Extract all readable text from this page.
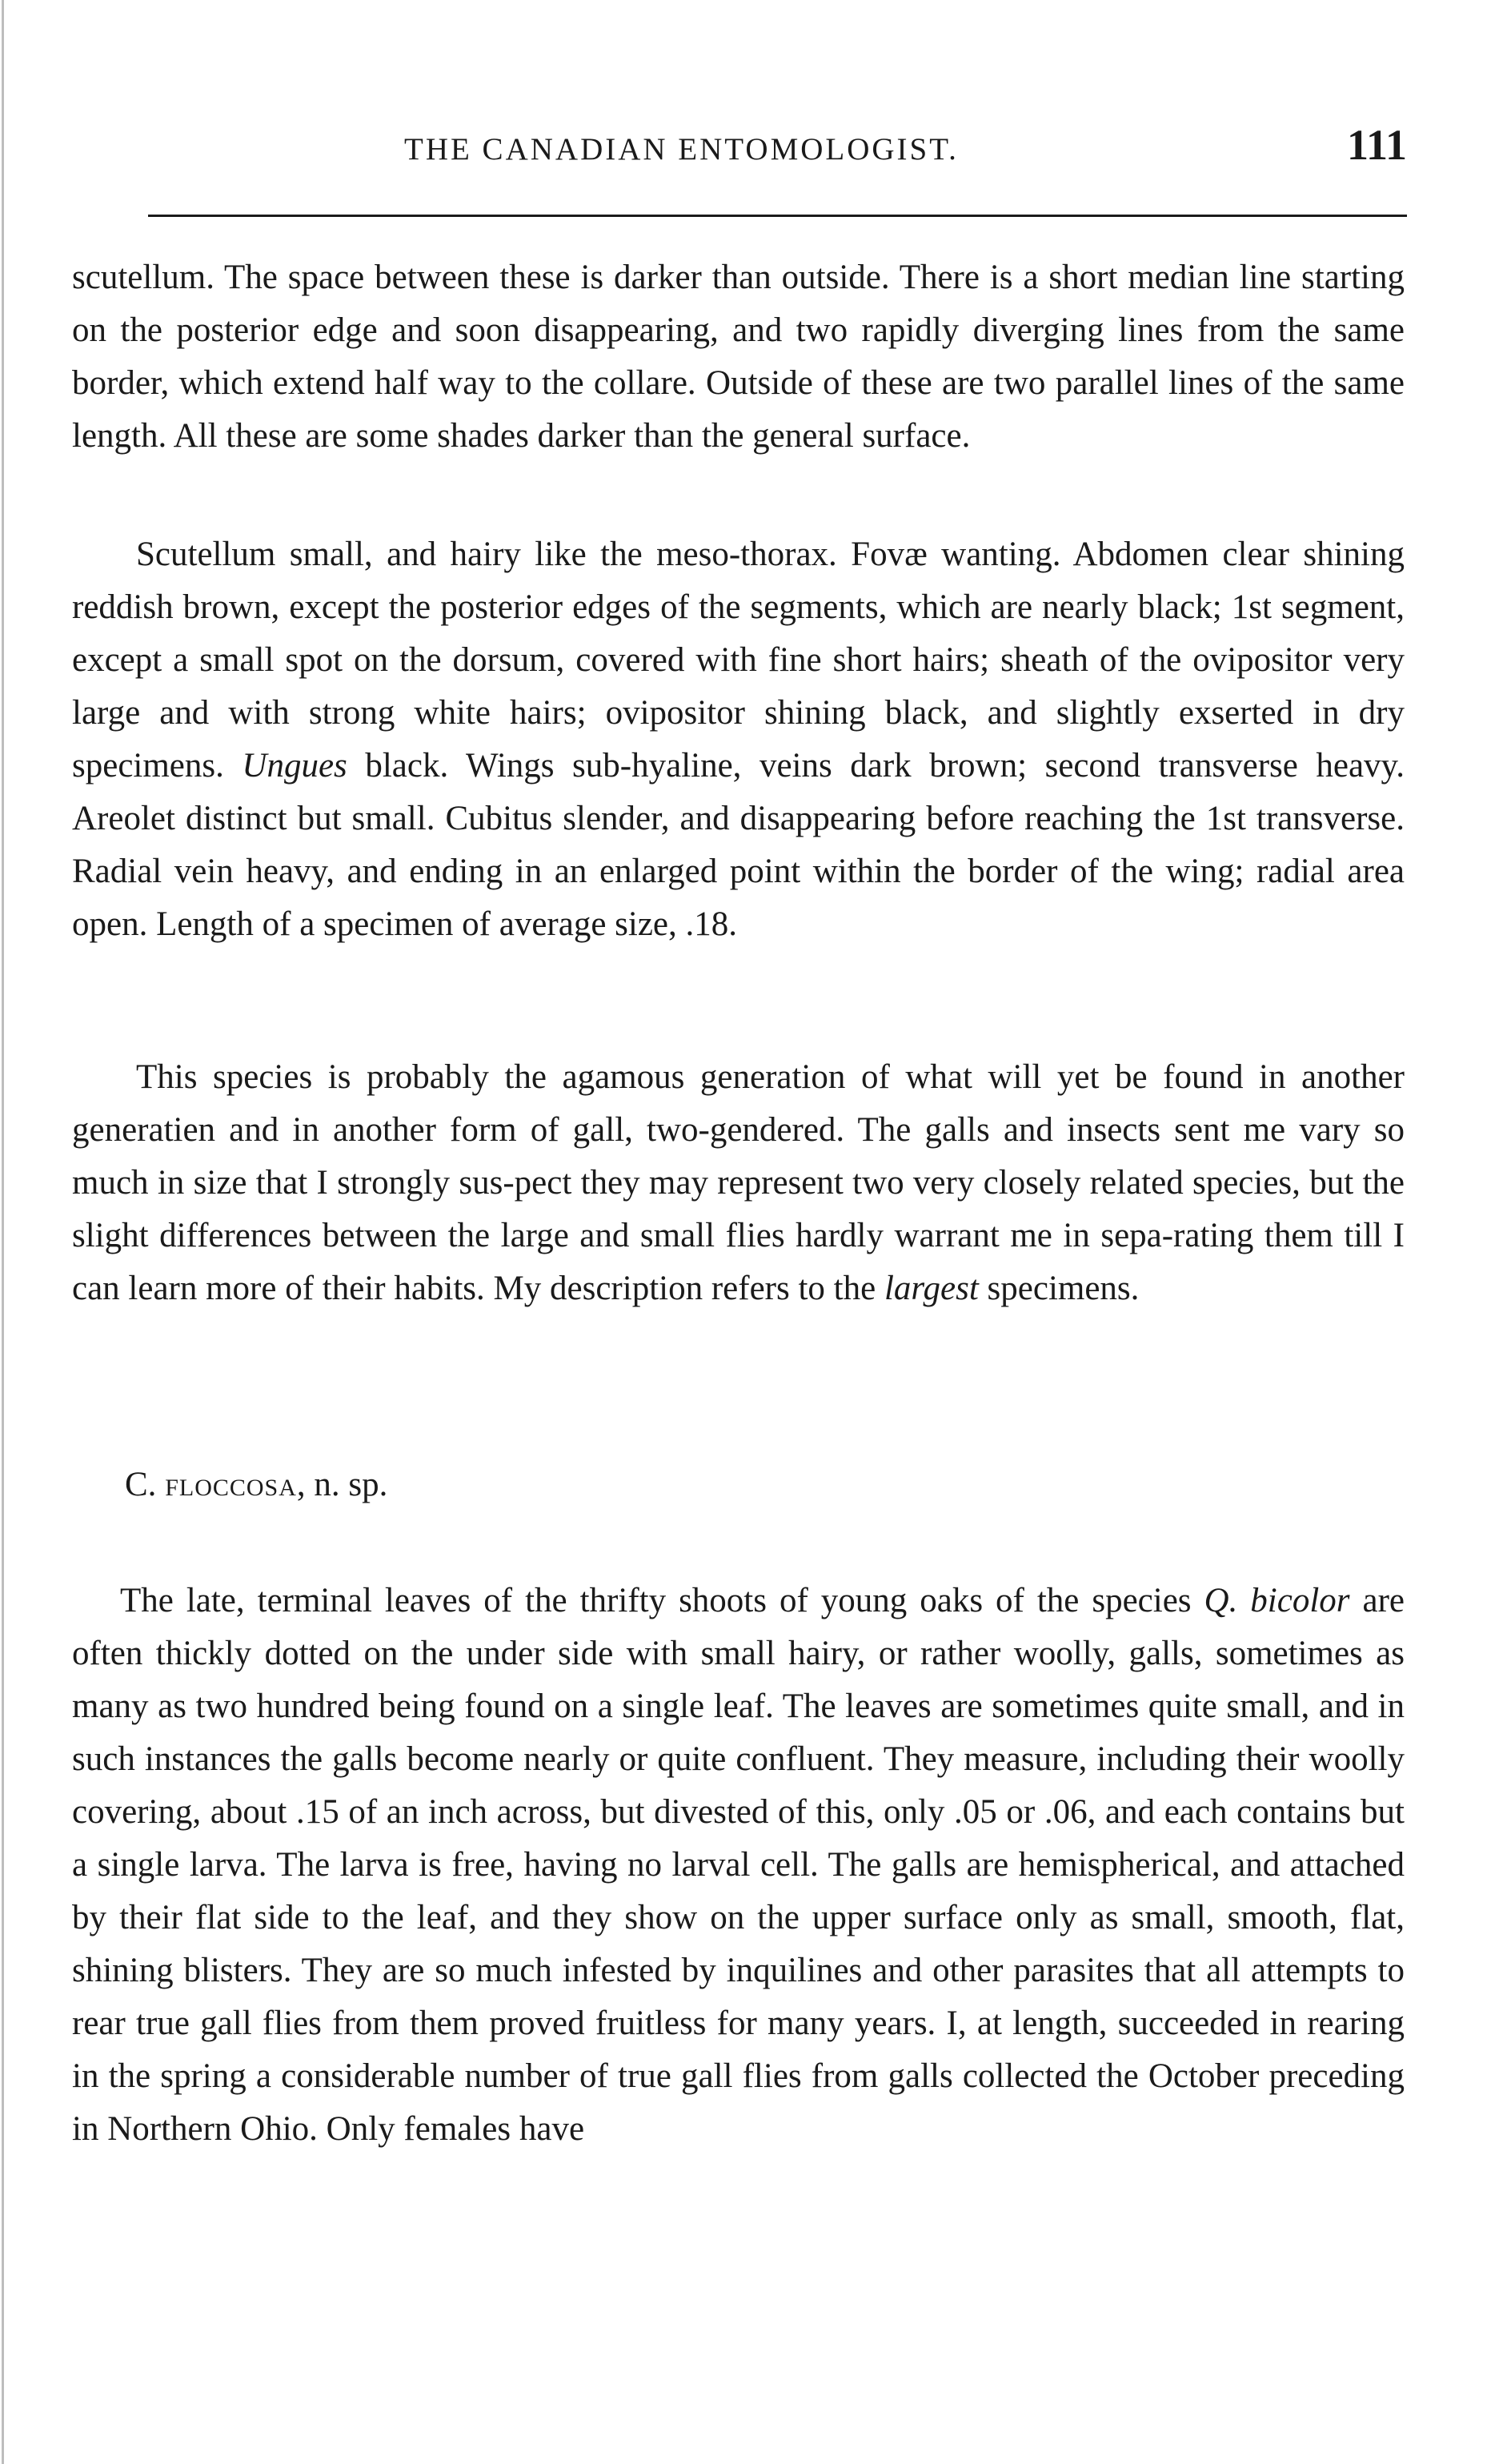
THE CANADIAN ENTOMOLOGIST.	111

scutellum. The space between these is darker than outside. There is a short median line starting on the posterior edge and soon disappearing, and two rapidly diverging lines from the same border, which extend half way to the collare. Outside of these are two parallel lines of the same length. All these are some shades darker than the general surface.

Scutellum small, and hairy like the meso-thorax. Fovæ wanting. Abdomen clear shining reddish brown, except the posterior edges of the segments, which are nearly black; 1st segment, except a small spot on the dorsum, covered with fine short hairs; sheath of the ovipositor very large and with strong white hairs; ovipositor shining black, and slightly exserted in dry specimens. Ungues black. Wings sub-hyaline, veins dark brown; second transverse heavy. Areolet distinct but small. Cubitus slender, and disappearing before reaching the 1st transverse. Radial vein heavy, and ending in an enlarged point within the border of the wing; radial area open. Length of a specimen of average size, .18.

This species is probably the agamous generation of what will yet be found in another generatien and in another form of gall, two-gendered. The galls and insects sent me vary so much in size that I strongly sus-pect they may represent two very closely related species, but the slight differences between the large and small flies hardly warrant me in sepa-rating them till I can learn more of their habits. My description refers to the largest specimens.

C. floccosa, n. sp.

The late, terminal leaves of the thrifty shoots of young oaks of the species Q. bicolor are often thickly dotted on the under side with small hairy, or rather woolly, galls, sometimes as many as two hundred being found on a single leaf. The leaves are sometimes quite small, and in such instances the galls become nearly or quite confluent. They measure, including their woolly covering, about .15 of an inch across, but divested of this, only .05 or .06, and each contains but a single larva. The larva is free, having no larval cell. The galls are hemispherical, and attached by their flat side to the leaf, and they show on the upper surface only as small, smooth, flat, shining blisters. They are so much infested by inquilines and other parasites that all attempts to rear true gall flies from them proved fruitless for many years. I, at length, succeeded in rearing in the spring a considerable number of true gall flies from galls collected the October preceding in Northern Ohio. Only females have
